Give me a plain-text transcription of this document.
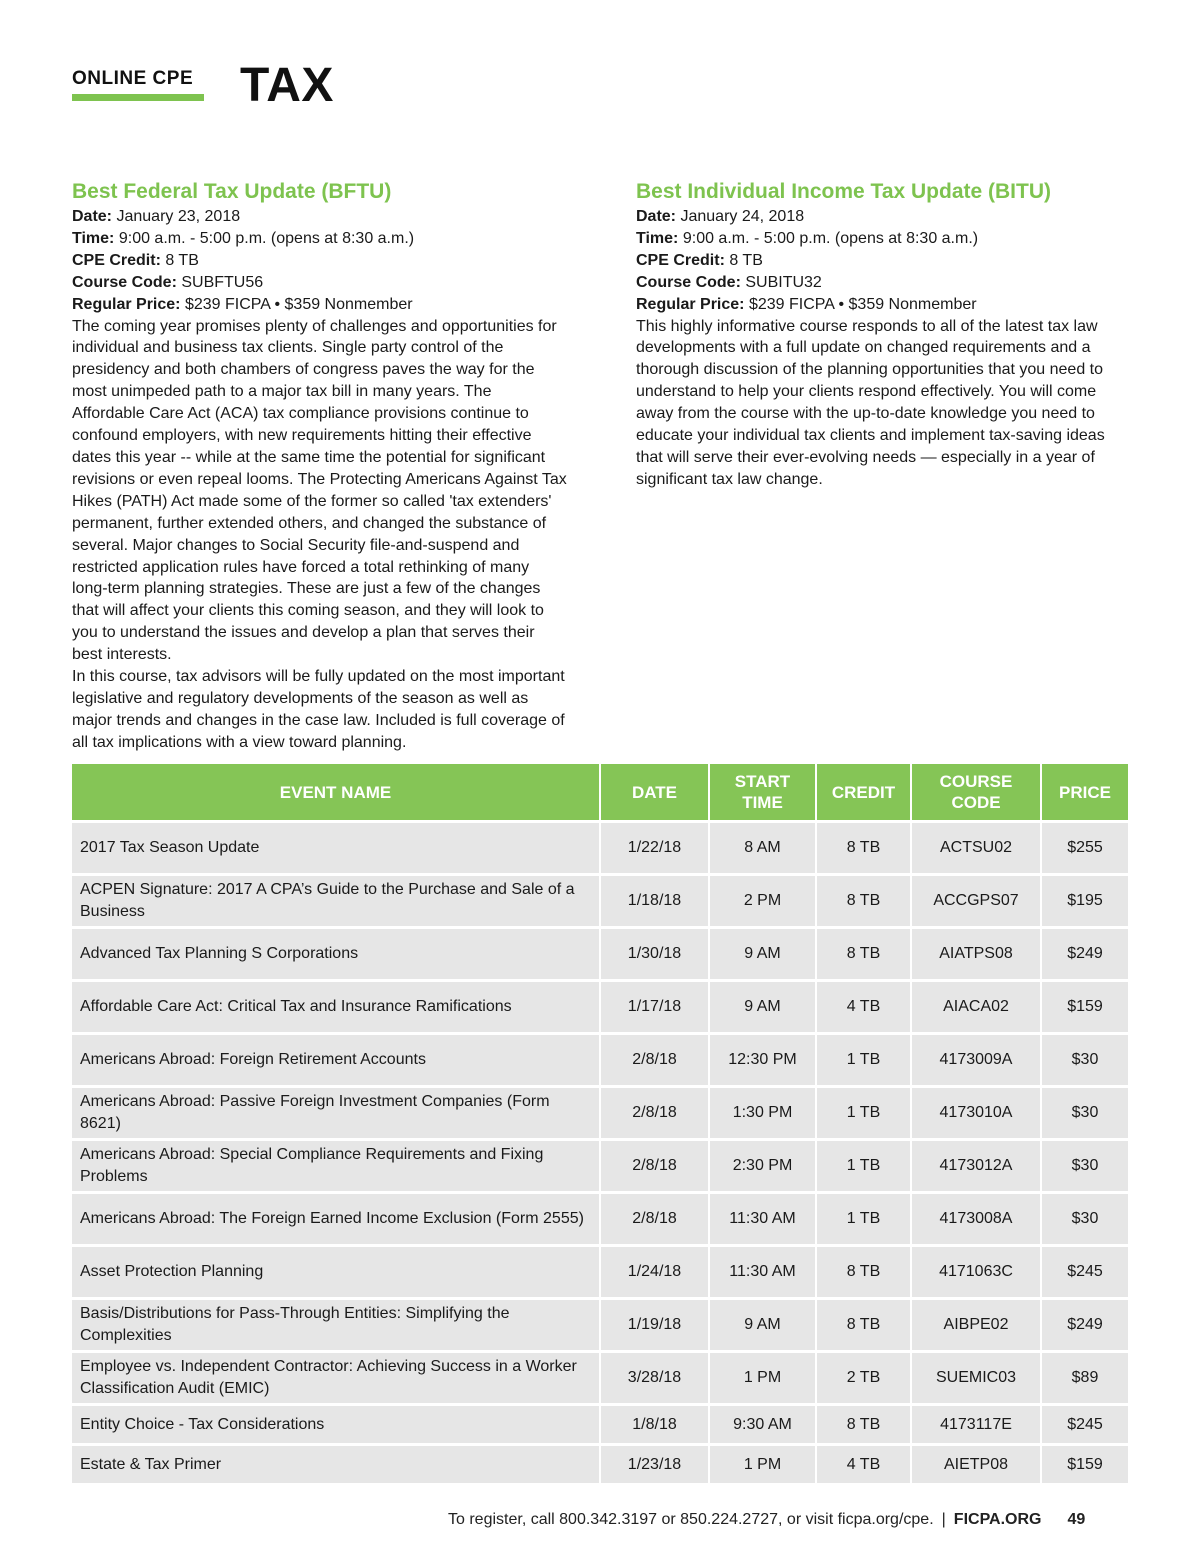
ONLINE CPE TAX
Best Federal Tax Update (BFTU)
Date: January 23, 2018
Time: 9:00 a.m. - 5:00 p.m. (opens at 8:30 a.m.)
CPE Credit: 8 TB
Course Code: SUBFTU56
Regular Price: $239 FICPA • $359 Nonmember

The coming year promises plenty of challenges and opportunities for individual and business tax clients. Single party control of the presidency and both chambers of congress paves the way for the most unimpeded path to a major tax bill in many years. The Affordable Care Act (ACA) tax compliance provisions continue to confound employers, with new requirements hitting their effective dates this year -- while at the same time the potential for significant revisions or even repeal looms. The Protecting Americans Against Tax Hikes (PATH) Act made some of the former so called 'tax extenders' permanent, further extended others, and changed the substance of several. Major changes to Social Security file-and-suspend and restricted application rules have forced a total rethinking of many long-term planning strategies. These are just a few of the changes that will affect your clients this coming season, and they will look to you to understand the issues and develop a plan that serves their best interests.

In this course, tax advisors will be fully updated on the most important legislative and regulatory developments of the season as well as major trends and changes in the case law. Included is full coverage of all tax implications with a view toward planning.

Best Individual Income Tax Update (BITU)
Date: January 24, 2018
Time: 9:00 a.m. - 5:00 p.m. (opens at 8:30 a.m.)
CPE Credit: 8 TB
Course Code: SUBITU32
Regular Price: $239 FICPA • $359 Nonmember

This highly informative course responds to all of the latest tax law developments with a full update on changed requirements and a thorough discussion of the planning opportunities that you need to understand to help your clients respond effectively. You will come away from the course with the up-to-date knowledge you need to educate your individual tax clients and implement tax-saving ideas that will serve their ever-evolving needs — especially in a year of significant tax law change.

EVENT NAME	DATE	START TIME	CREDIT	COURSE CODE	PRICE
2017 Tax Season Update	1/22/18	8 AM	8 TB	ACTSU02	$255
ACPEN Signature: 2017 A CPA’s Guide to the Purchase and Sale of a Business	1/18/18	2 PM	8 TB	ACCGPS07	$195
Advanced Tax Planning S Corporations	1/30/18	9 AM	8 TB	AIATPS08	$249
Affordable Care Act: Critical Tax and Insurance Ramifications	1/17/18	9 AM	4 TB	AIACA02	$159
Americans Abroad: Foreign Retirement Accounts	2/8/18	12:30 PM	1 TB	4173009A	$30
Americans Abroad: Passive Foreign Investment Companies (Form 8621)	2/8/18	1:30 PM	1 TB	4173010A	$30
Americans Abroad: Special Compliance Requirements and Fixing Problems	2/8/18	2:30 PM	1 TB	4173012A	$30
Americans Abroad: The Foreign Earned Income Exclusion (Form 2555)	2/8/18	11:30 AM	1 TB	4173008A	$30
Asset Protection Planning	1/24/18	11:30 AM	8 TB	4171063C	$245
Basis/Distributions for Pass-Through Entities: Simplifying the Complexities	1/19/18	9 AM	8 TB	AIBPE02	$249
Employee vs. Independent Contractor: Achieving Success in a Worker Classification Audit (EMIC)	3/28/18	1 PM	2 TB	SUEMIC03	$89
Entity Choice - Tax Considerations	1/8/18	9:30 AM	8 TB	4173117E	$245
Estate & Tax Primer	1/23/18	1 PM	4 TB	AIETP08	$159
To register, call 800.342.3197 or 850.224.2727, or visit ficpa.org/cpe. | FICPA.ORG 49
